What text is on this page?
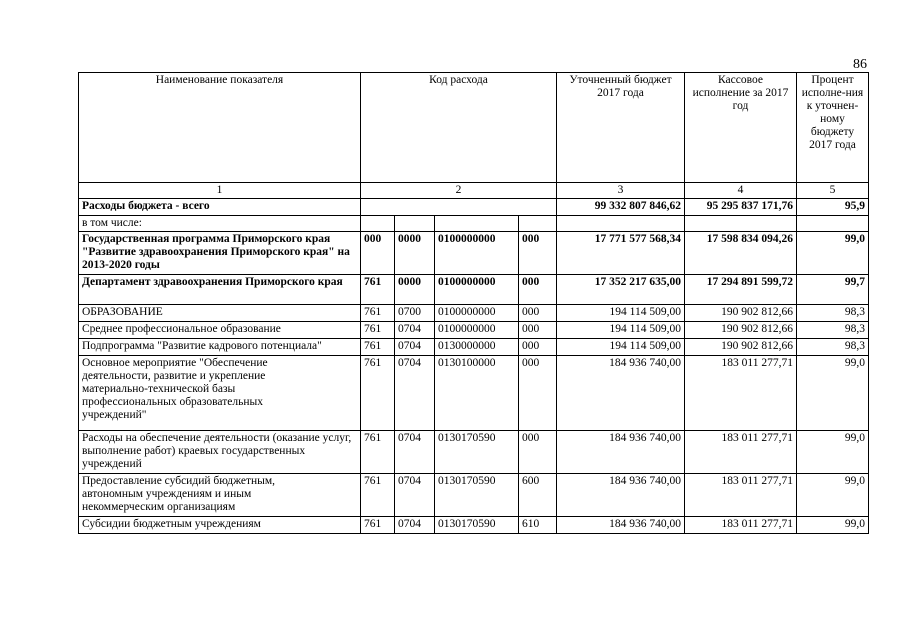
86
Наименование показателя	Код расхода				Уточненный бюджет 2017 года	Кассовое исполнение за 2017 год	Процент исполне-ния к уточнен-ному бюджету 2017 года
1	2				3	4	5
Расходы бюджета - всего					99 332 807 846,62	95 295 837 171,76	95,9
в том числе:							
Государственная программа Приморского края "Развитие здравоохранения Приморского края" на 2013-2020 годы	000	0000	0100000000	000	17 771 577 568,34	17 598 834 094,26	99,0
Департамент здравоохранения Приморского края	761	0000	0100000000	000	17 352 217 635,00	17 294 891 599,72	99,7
ОБРАЗОВАНИЕ	761	0700	0100000000	000	194 114 509,00	190 902 812,66	98,3
Среднее профессиональное образование	761	0704	0100000000	000	194 114 509,00	190 902 812,66	98,3
Подпрограмма "Развитие кадрового потенциала"	761	0704	0130000000	000	194 114 509,00	190 902 812,66	98,3
Основное мероприятие "Обеспечение деятельности, развитие и укрепление материально-технической базы профессиональных образовательных учреждений"	761	0704	0130100000	000	184 936 740,00	183 011 277,71	99,0
Расходы на обеспечение деятельности (оказание услуг, выполнение работ) краевых государственных учреждений	761	0704	0130170590	000	184 936 740,00	183 011 277,71	99,0
Предоставление субсидий бюджетным, автономным учреждениям и иным некоммерческим организациям	761	0704	0130170590	600	184 936 740,00	183 011 277,71	99,0
Субсидии бюджетным учреждениям	761	0704	0130170590	610	184 936 740,00	183 011 277,71	99,0
